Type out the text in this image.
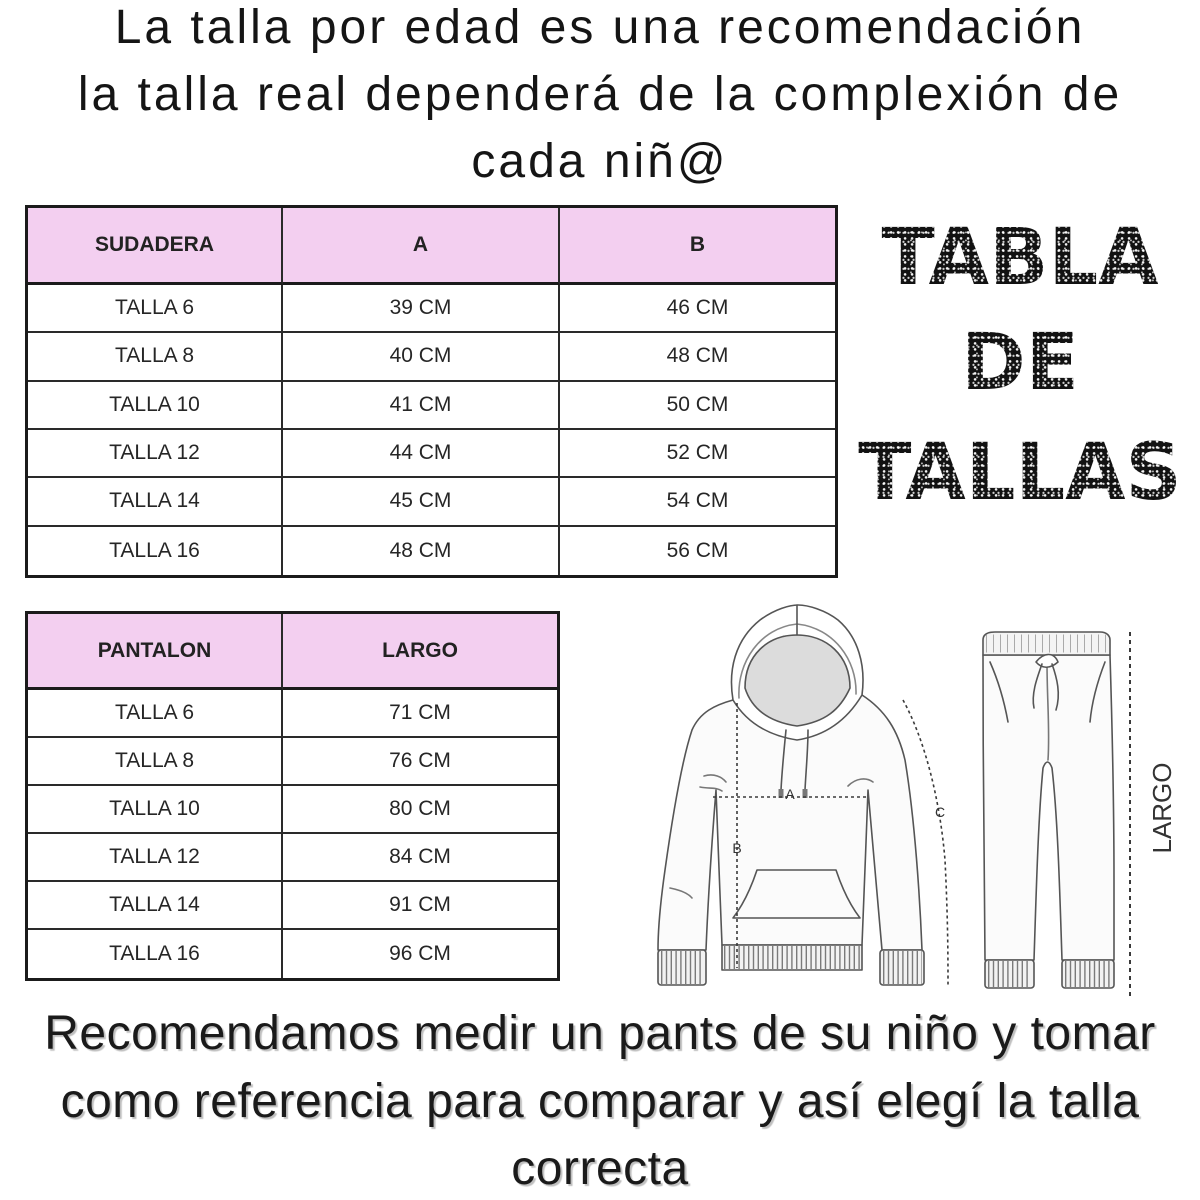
La talla por edad es una recomendación
la talla real dependerá de la complexión de
cada niñ@
SUDADERA	A	B
TALLA 6	39 CM	46 CM
TALLA 8	40 CM	48 CM
TALLA 10	41 CM	50 CM
TALLA 12	44 CM	52 CM
TALLA 14	45 CM	54 CM
TALLA 16	48 CM	56 CM
TABLA
DE
TALLAS
PANTALON	LARGO
TALLA 6	71 CM
TALLA 8	76 CM
TALLA 10	80 CM
TALLA 12	84 CM
TALLA 14	91 CM
TALLA 16	96 CM
A
B
C	LARGO
Recomendamos medir un pants de su niño y tomar
como referencia para comparar y así elegí la talla
correcta
